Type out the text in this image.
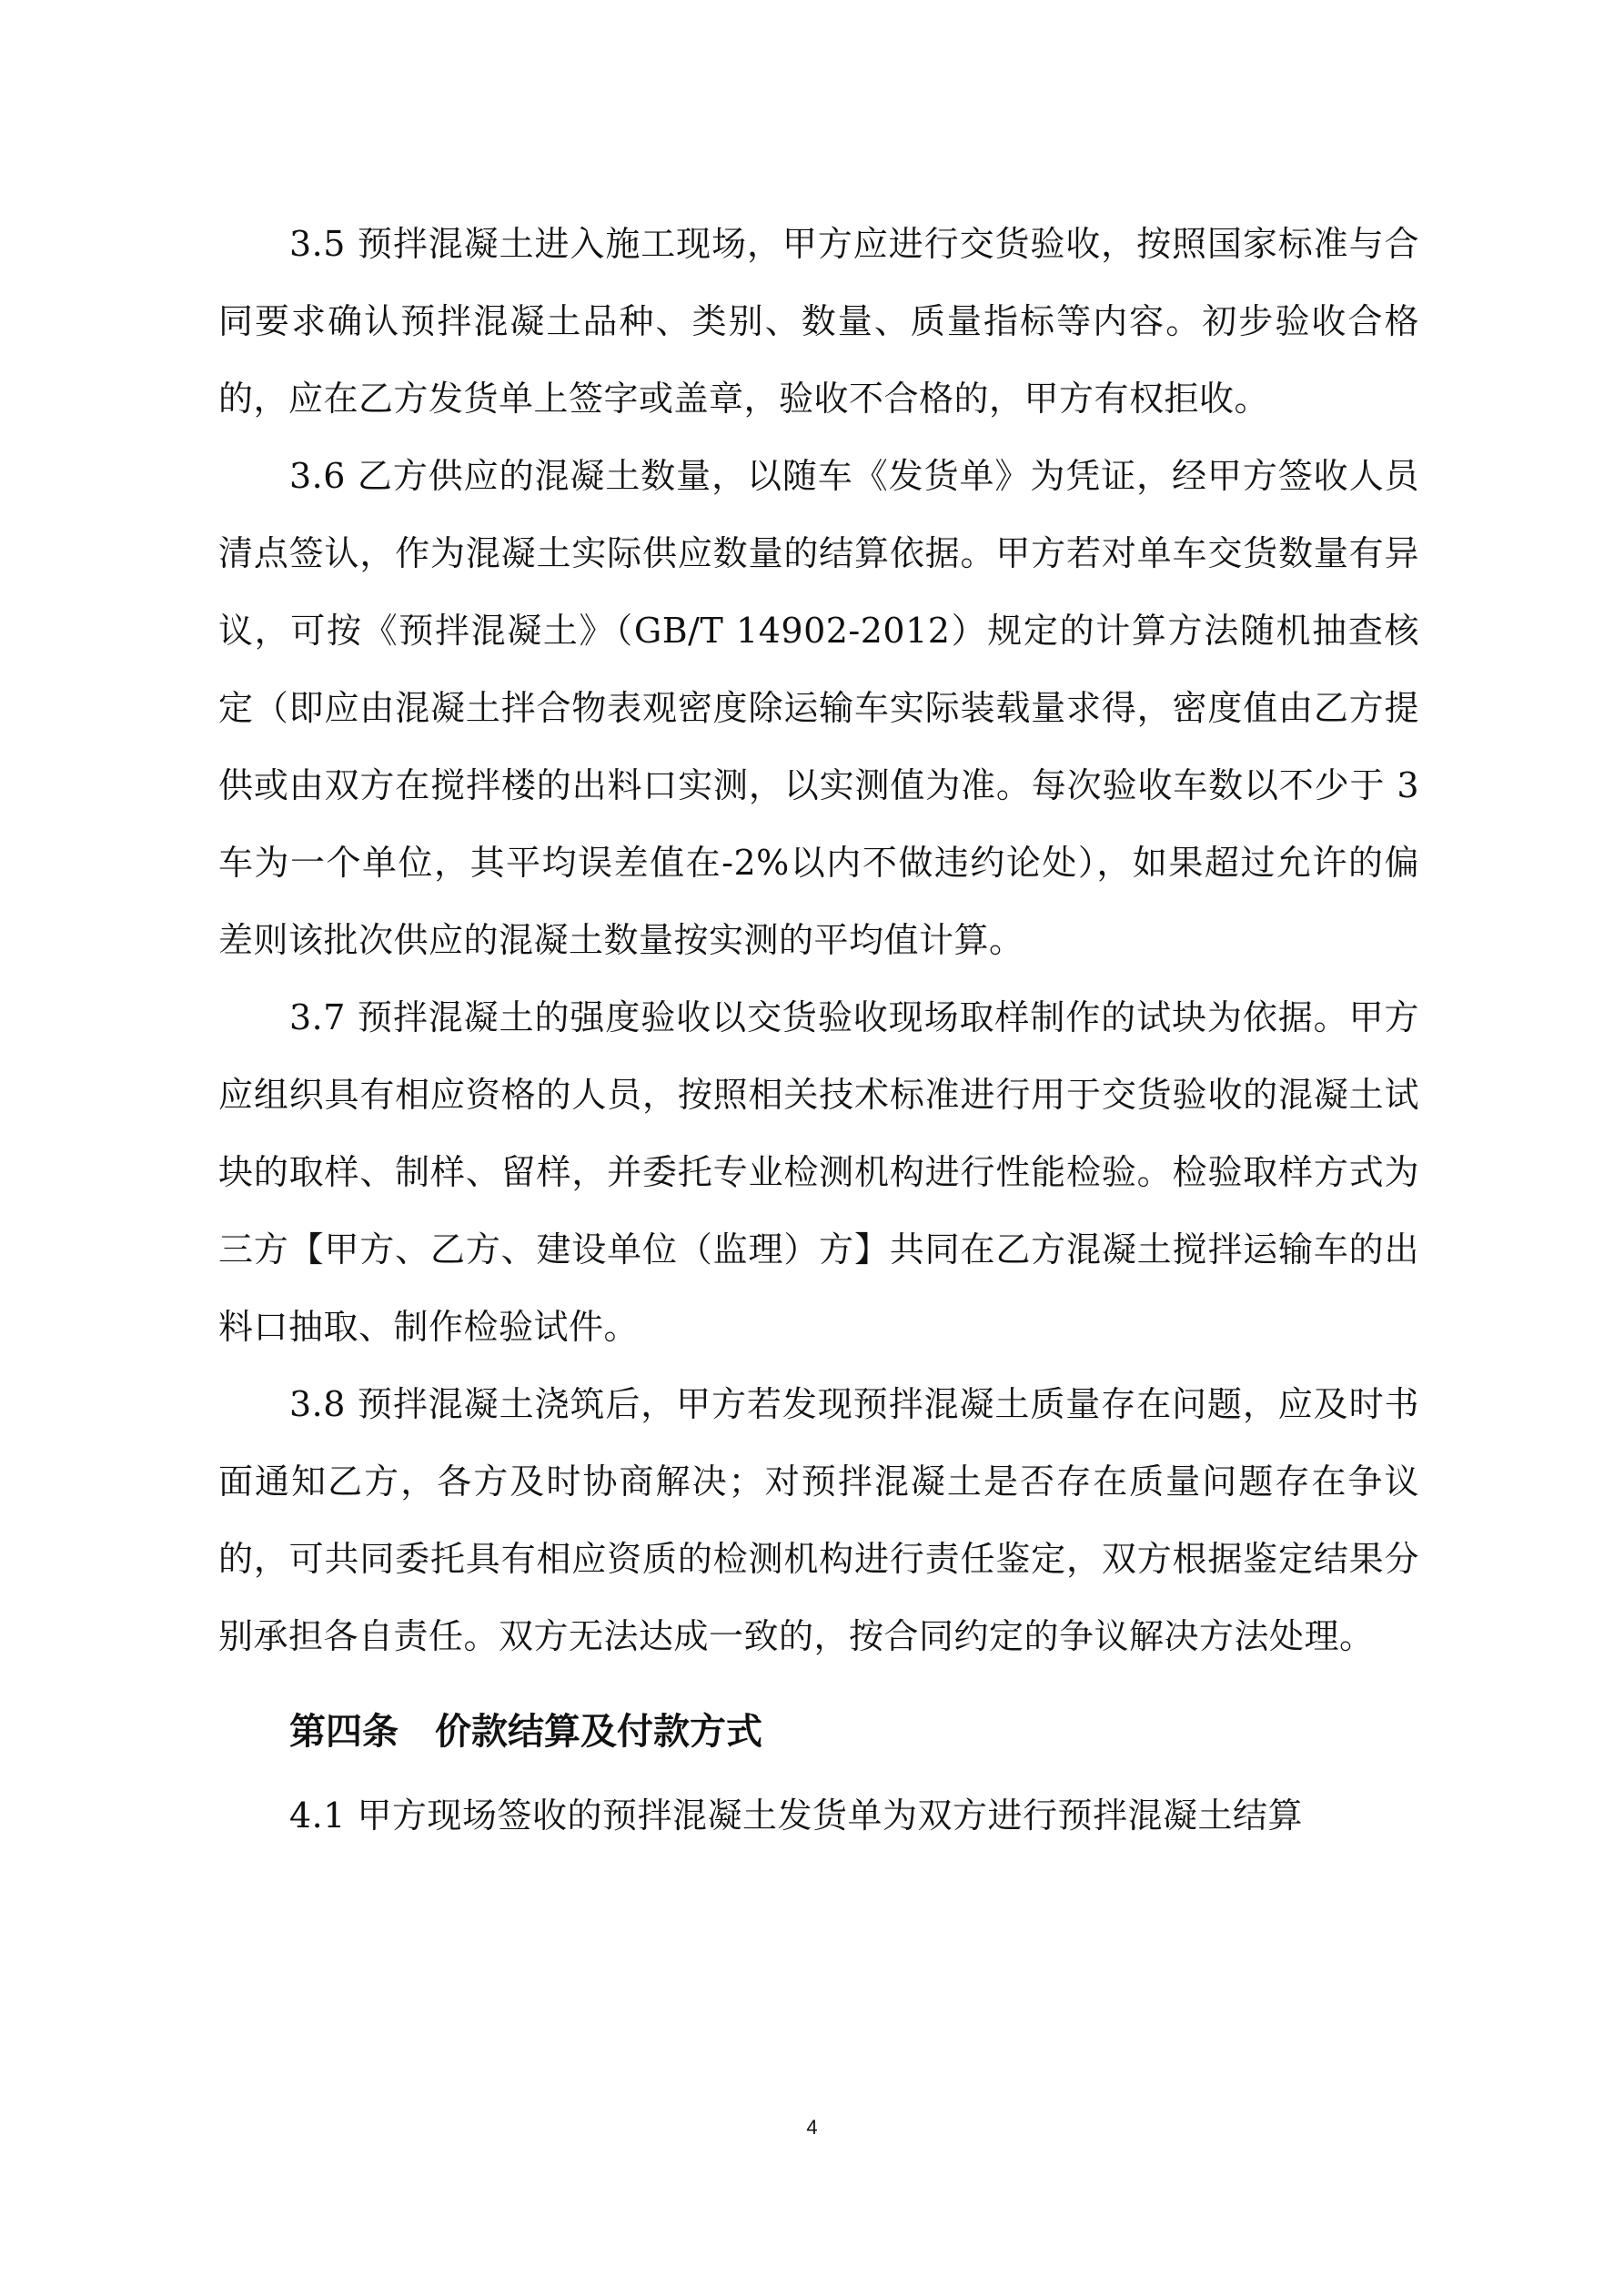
3.5 预拌混凝土进入施工现场，甲方应进行交货验收，按照国家标准与合同要求确认预拌混凝土品种、类别、数量、质量指标等内容。初步验收合格的，应在乙方发货单上签字或盖章，验收不合格的，甲方有权拒收。

3.6 乙方供应的混凝土数量，以随车《发货单》为凭证，经甲方签收人员清点签认，作为混凝土实际供应数量的结算依据。甲方若对单车交货数量有异议，可按《预拌混凝土》（GB/T 14902-2012）规定的计算方法随机抽查核定（即应由混凝土拌合物表观密度除运输车实际装载量求得，密度值由乙方提供或由双方在搅拌楼的出料口实测，以实测值为准。每次验收车数以不少于 3 车为一个单位，其平均误差值在-2%以内不做违约论处），如果超过允许的偏差则该批次供应的混凝土数量按实测的平均值计算。

3.7 预拌混凝土的强度验收以交货验收现场取样制作的试块为依据。甲方应组织具有相应资格的人员，按照相关技术标准进行用于交货验收的混凝土试块的取样、制样、留样，并委托专业检测机构进行性能检验。检验取样方式为三方【甲方、乙方、建设单位（监理）方】共同在乙方混凝土搅拌运输车的出料口抽取、制作检验试件。

3.8 预拌混凝土浇筑后，甲方若发现预拌混凝土质量存在问题，应及时书面通知乙方，各方及时协商解决；对预拌混凝土是否存在质量问题存在争议的，可共同委托具有相应资质的检测机构进行责任鉴定，双方根据鉴定结果分别承担各自责任。双方无法达成一致的，按合同约定的争议解决方法处理。

第四条　价款结算及付款方式

4.1 甲方现场签收的预拌混凝土发货单为双方进行预拌混凝土结算

4
